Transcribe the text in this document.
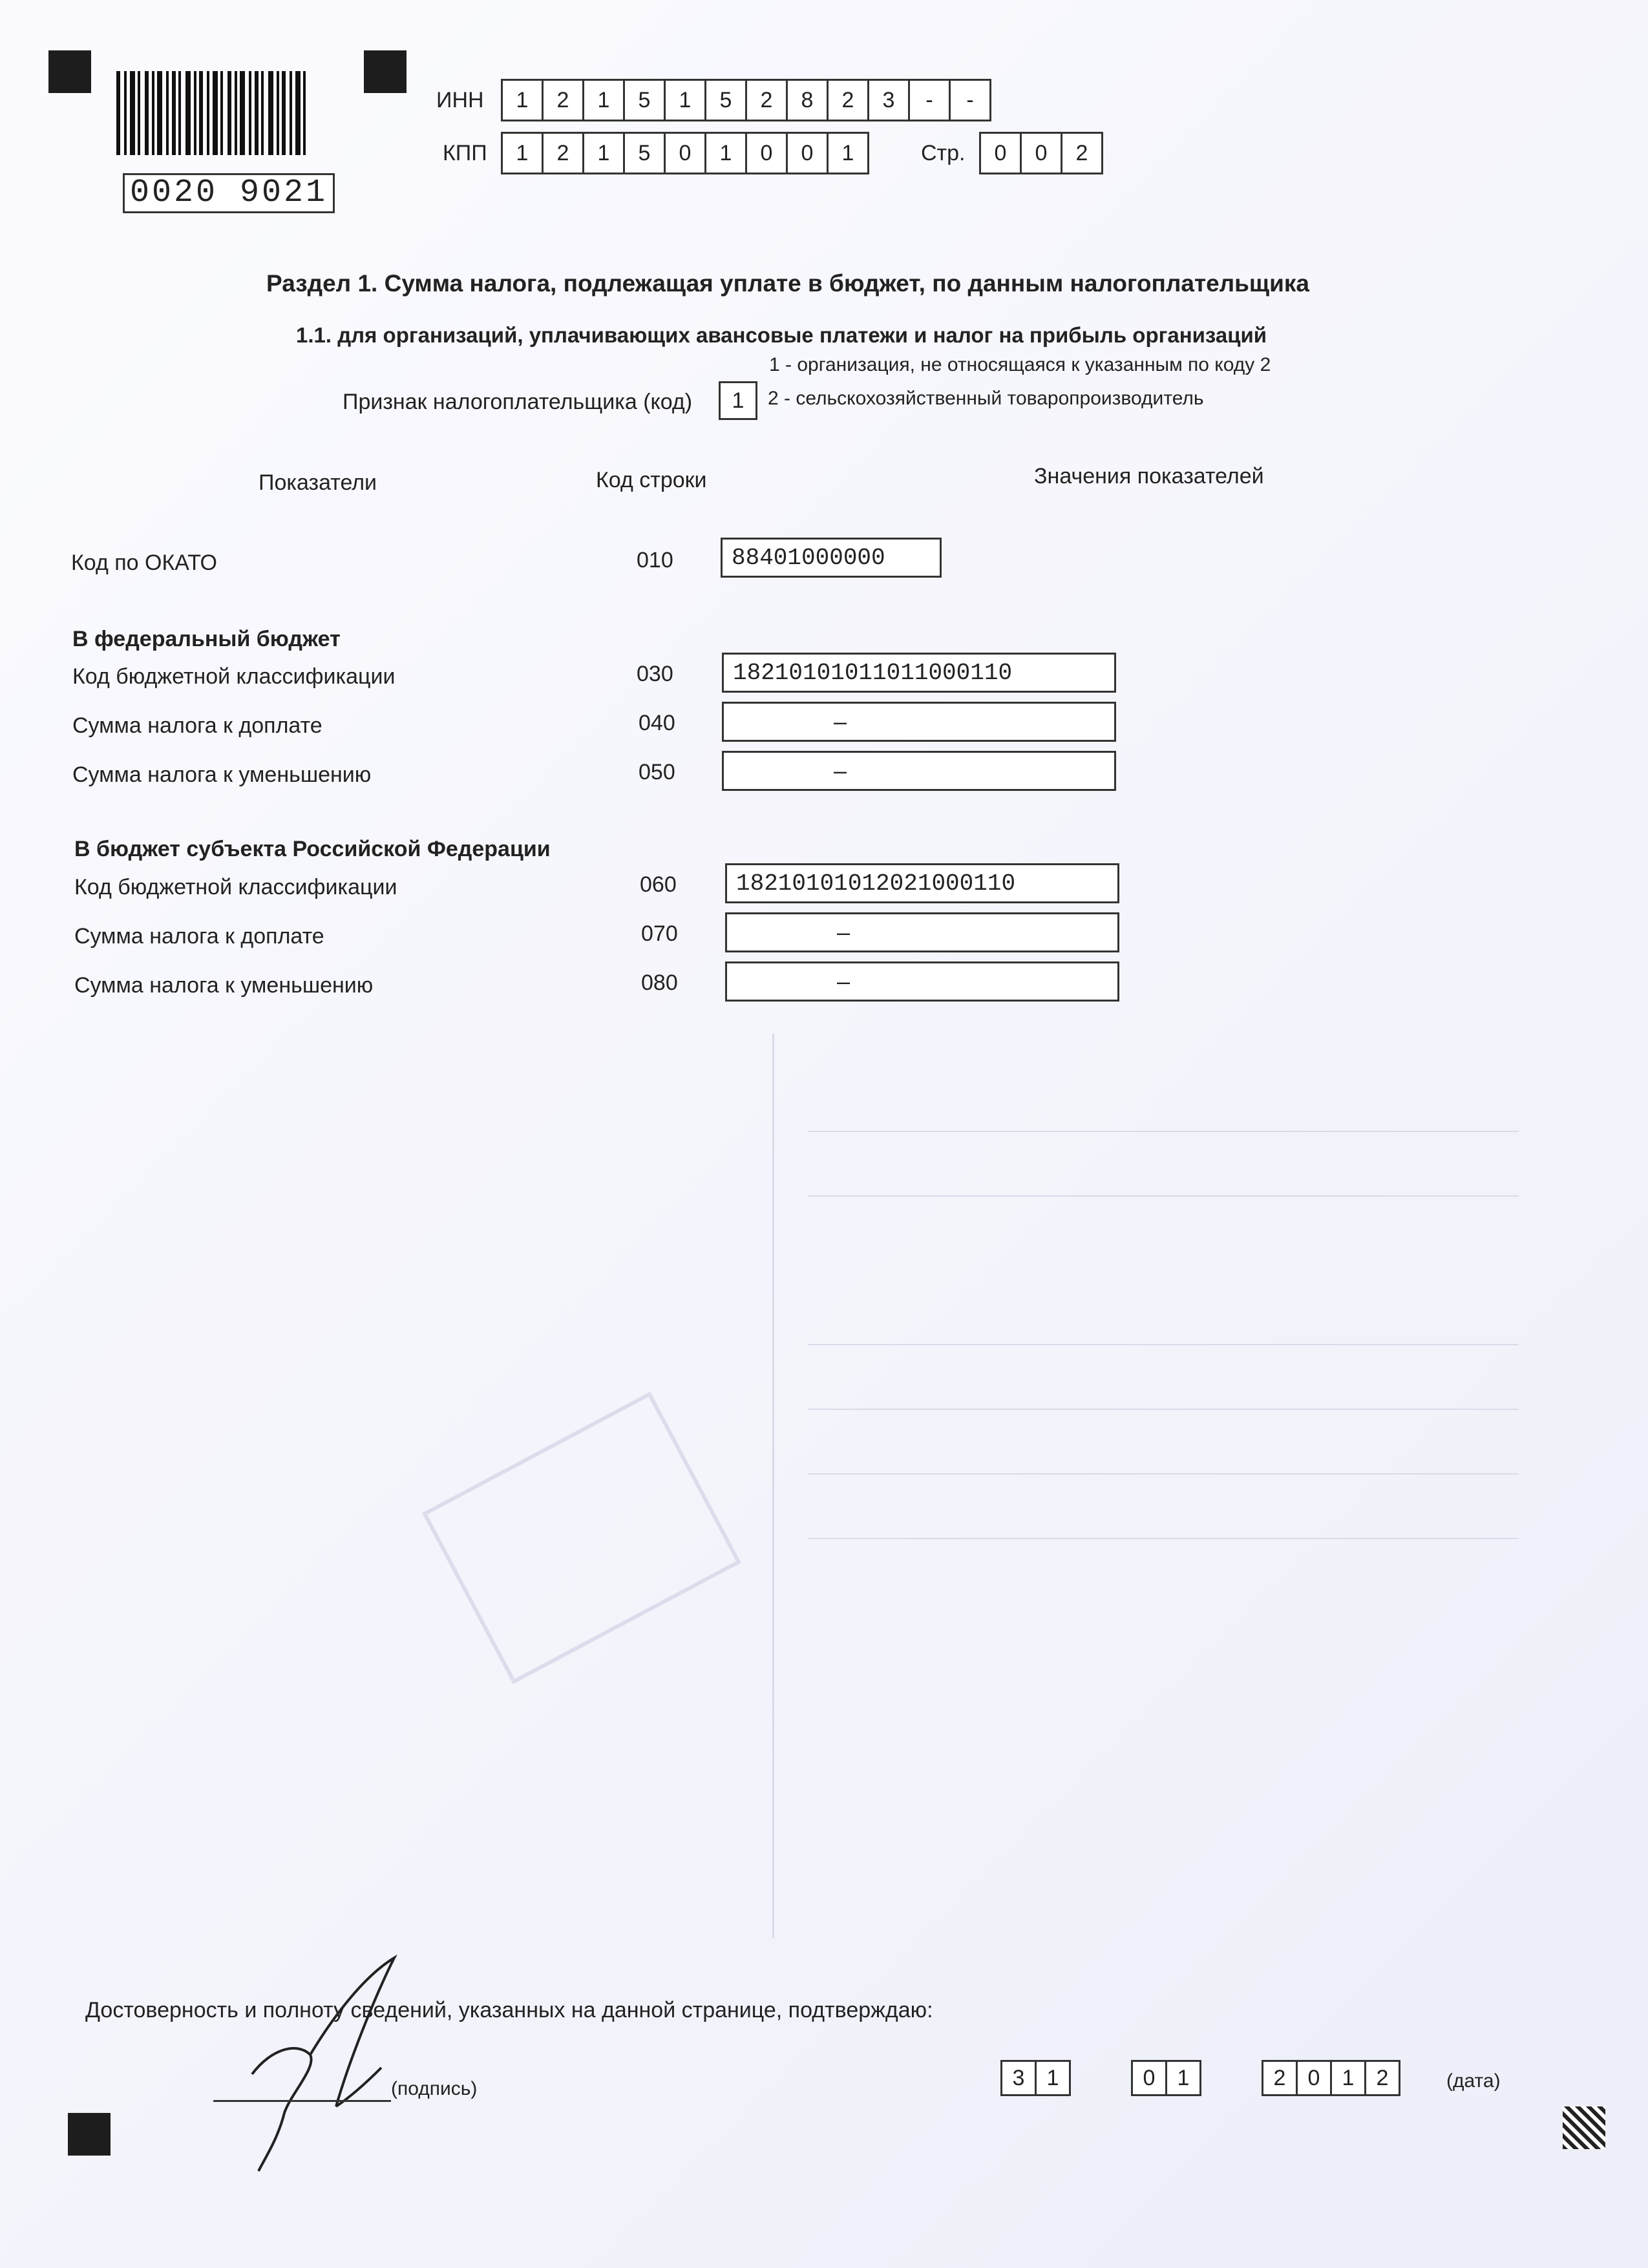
0020 9021
ИНН	1	2	1	5	1	5	2	8	2	3	-	-
КПП	1	2	1	5	0	1	0	0	1	Стр.	0	0	2
Раздел 1. Сумма налога, подлежащая уплате в бюджет, по данным налогоплательщика
1.1. для организаций, уплачивающих авансовые платежи и налог на прибыль организаций
1 - организация, не относящаяся к указанным по коду 2
Признак налогоплательщика (код)	1	2 - сельскохозяйственный товаропроизводитель
Показатели	Код строки	Значения показателей
Код по ОКАТО	010	88401000000
В федеральный бюджет
Код бюджетной классификации	030	18210101011011000110
Сумма налога к доплате	040	–
Сумма налога к уменьшению	050	–
В бюджет субъекта Российской Федерации
Код бюджетной классификации	060	18210101012021000110
Сумма налога к доплате	070	–
Сумма налога к уменьшению	080	–
Достоверность и полноту сведений, указанных на данной странице, подтверждаю:
(подпись)	3	1	0	1	2	0	1	2	(дата)
